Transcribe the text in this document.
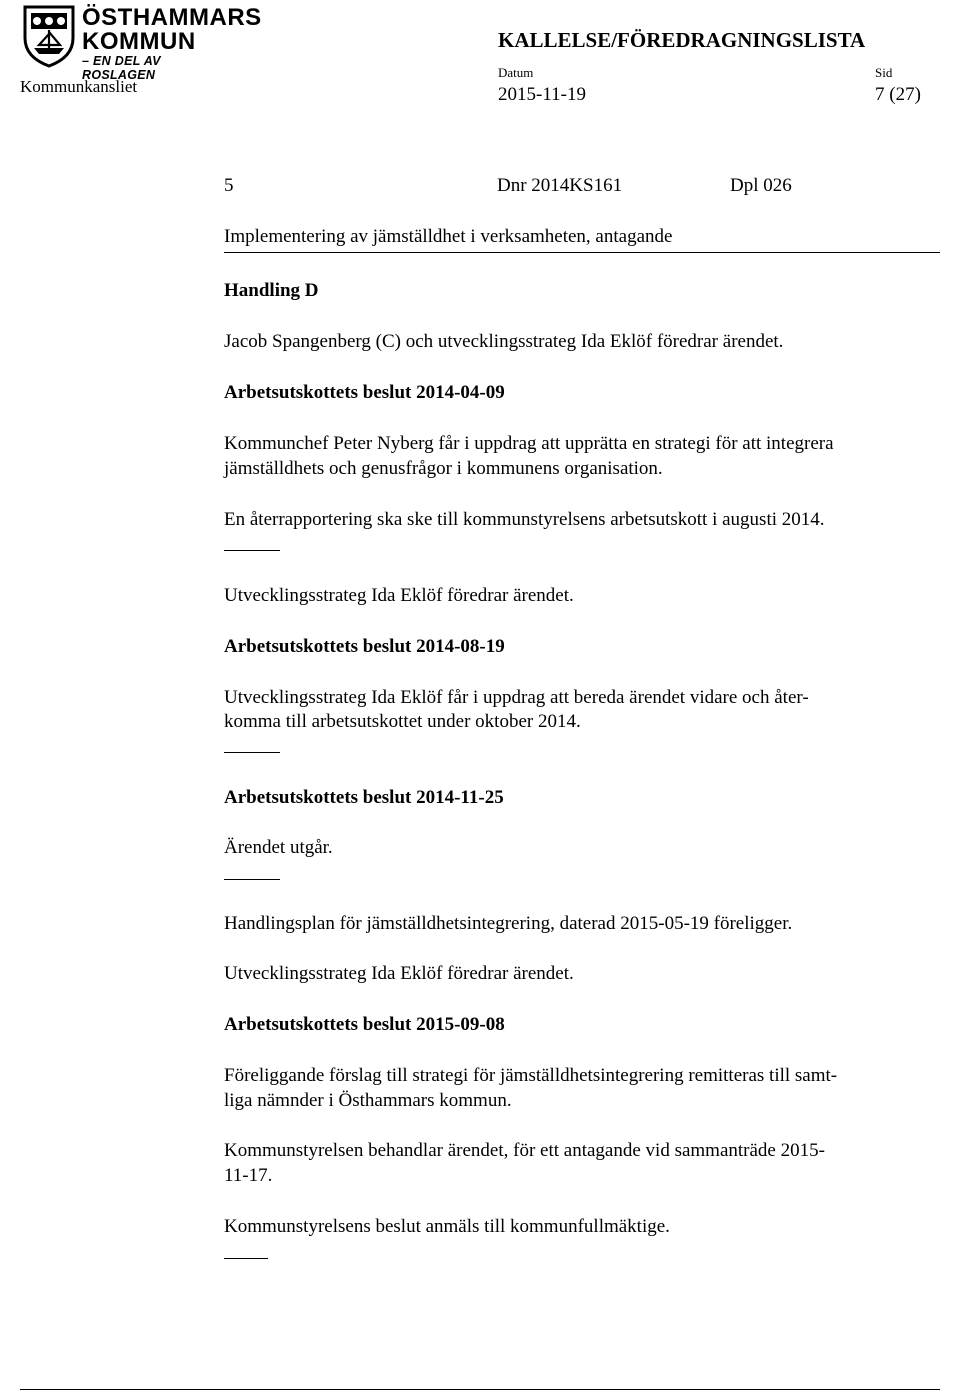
ÖSTHAMMARS
KOMMUN
– EN DEL AV ROSLAGEN
KALLELSE/FÖREDRAGNINGSLISTA
Kommunkansliet
Datum
2015-11-19
Sid
7 (27)
5	Dnr 2014KS161	Dpl 026
Implementering av jämställdhet i verksamheten, antagande
Handling D
Jacob Spangenberg (C) och utvecklingsstrateg Ida Eklöf föredrar ärendet.
Arbetsutskottets beslut 2014-04-09
Kommunchef Peter Nyberg får i uppdrag att upprätta en strategi för att integrera
jämställdhets och genusfrågor i kommunens organisation.
En återrapportering ska ske till kommunstyrelsens arbetsutskott i augusti 2014.
Utvecklingsstrateg Ida Eklöf föredrar ärendet.
Arbetsutskottets beslut 2014-08-19
Utvecklingsstrateg Ida Eklöf får i uppdrag att bereda ärendet vidare och åter-
komma till arbetsutskottet under oktober 2014.
Arbetsutskottets beslut 2014-11-25
Ärendet utgår.
Handlingsplan för jämställdhetsintegrering, daterad 2015-05-19 föreligger.
Utvecklingsstrateg Ida Eklöf föredrar ärendet.
Arbetsutskottets beslut 2015-09-08
Föreliggande förslag till strategi för jämställdhetsintegrering remitteras till samt-
liga nämnder i Östhammars kommun.
Kommunstyrelsen behandlar ärendet, för ett antagande vid sammanträde 2015-
11-17.
Kommunstyrelsens beslut anmäls till kommunfullmäktige.
